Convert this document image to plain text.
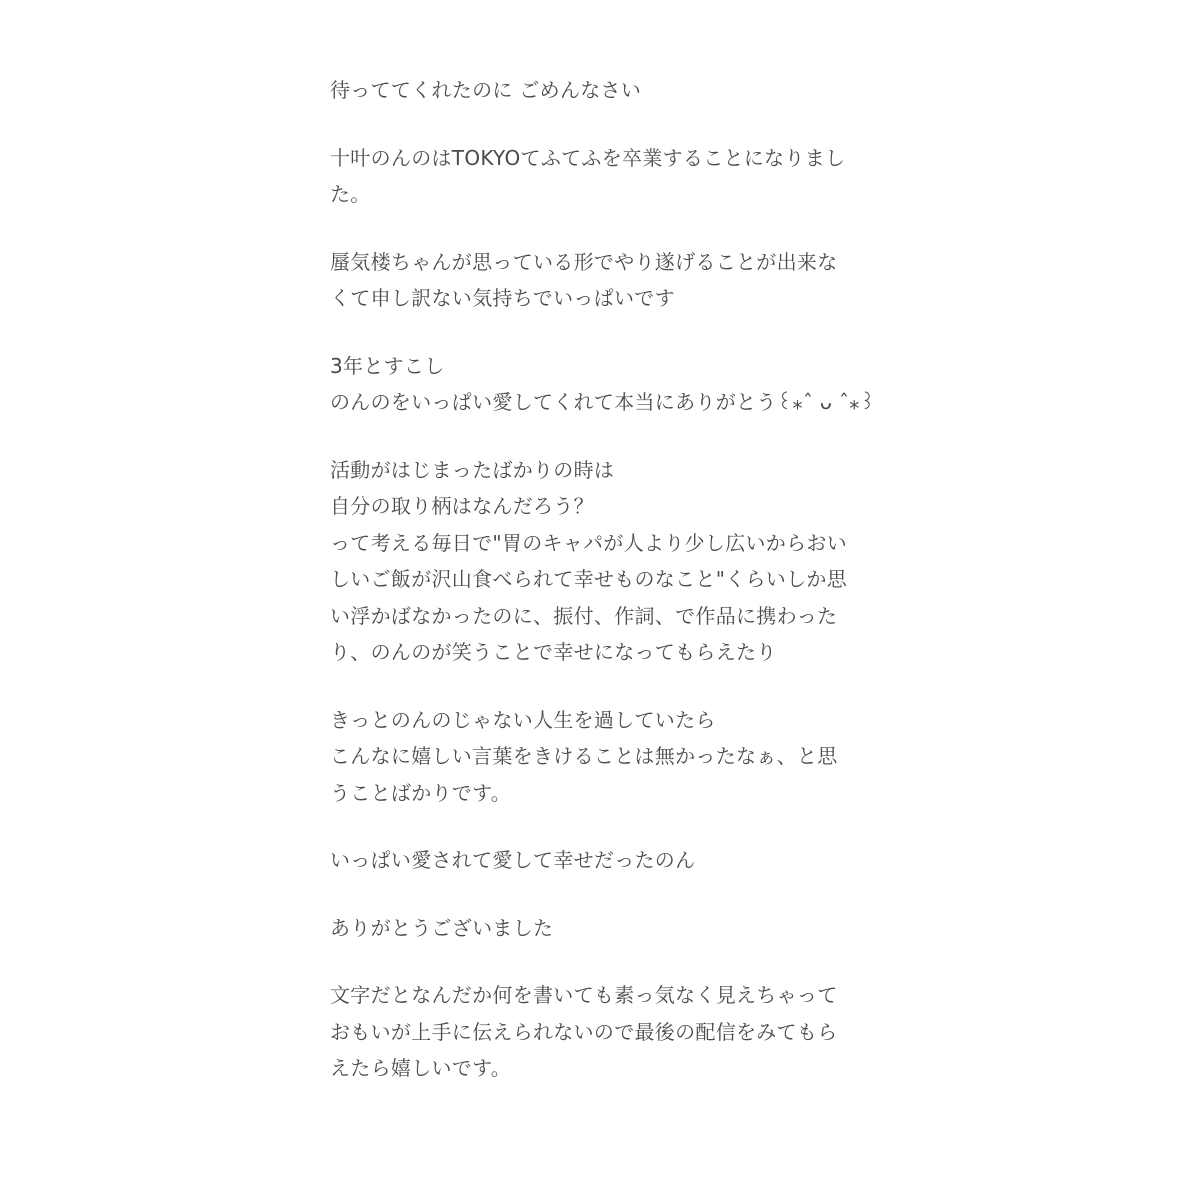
待っててくれたのに ごめんなさい
十叶のんのはTOKYOてふてふを卒業することになりまし
た。
蜃気楼ちゃんが思っている形でやり遂げることが出来な
くて申し訳ない気持ちでいっぱいです
3年とすこし
のんのをいっぱい愛してくれて本当にありがとう꒰⁎ˆ ᴗ ˆ⁎꒱
活動がはじまったばかりの時は
自分の取り柄はなんだろう？
って考える毎日で"胃のキャパが人より少し広いからおい
しいご飯が沢山食べられて幸せものなこと"くらいしか思
い浮かばなかったのに、振付、作詞、で作品に携わった
り、のんのが笑うことで幸せになってもらえたり
きっとのんのじゃない人生を過していたら
こんなに嬉しい言葉をきけることは無かったなぁ、と思
うことばかりです。
いっぱい愛されて愛して幸せだったのん
ありがとうございました
文字だとなんだか何を書いても素っ気なく見えちゃって
おもいが上手に伝えられないので最後の配信をみてもら
えたら嬉しいです。
